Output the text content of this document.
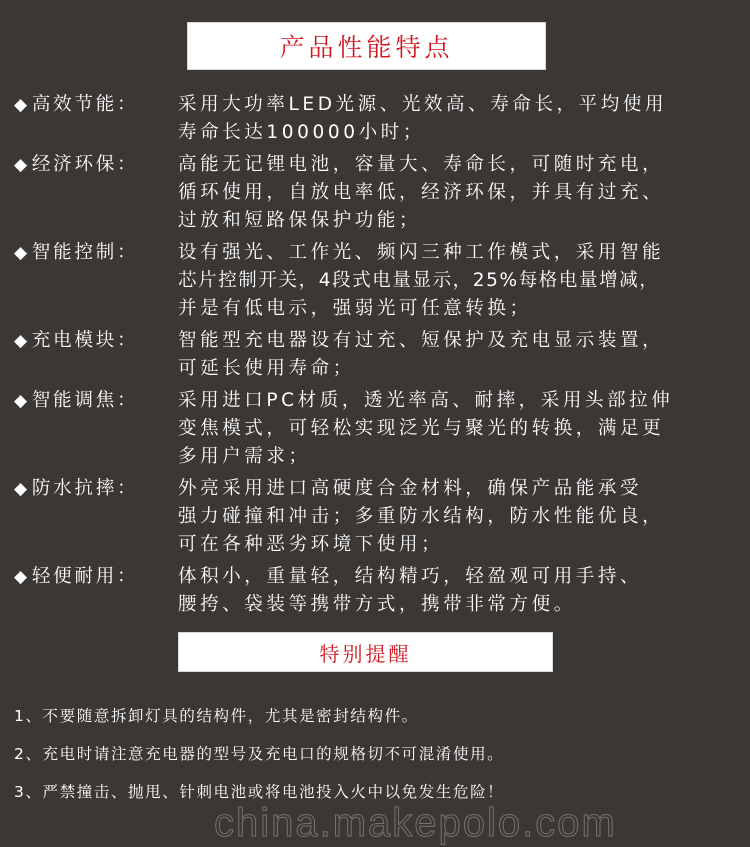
产品性能特点
◆ 高效节能：	采用大功率LED光源、光效高、寿命长，平均使用
寿命长达100000小时；
◆ 经济环保：	高能无记锂电池，容量大、寿命长，可随时充电，
循环使用，自放电率低，经济环保，并具有过充、
过放和短路保保护功能；
◆ 智能控制：	设有强光、工作光、频闪三种工作模式，采用智能
芯片控制开关，4段式电量显示，25%每格电量增减，
并是有低电示，强弱光可任意转换；
◆ 充电模块：	智能型充电器设有过充、短保护及充电显示装置，
可延长使用寿命；
◆ 智能调焦：	采用进口PC材质，透光率高、耐摔，采用头部拉伸
变焦模式，可轻松实现泛光与聚光的转换，满足更
多用户需求；
◆ 防水抗摔：	外亮采用进口高硬度合金材料，确保产品能承受
强力碰撞和冲击；多重防水结构，防水性能优良，
可在各种恶劣环境下使用；
◆ 轻便耐用：	体积小，重量轻，结构精巧，轻盈观可用手持、
腰挎、袋装等携带方式，携带非常方便。
特别提醒
1、不要随意拆卸灯具的结构件，尤其是密封结构件。
2、充电时请注意充电器的型号及充电口的规格切不可混淆使用。
3、严禁撞击、抛甩、针刺电池或将电池投入火中以免发生危险！
china.makepolo.com
